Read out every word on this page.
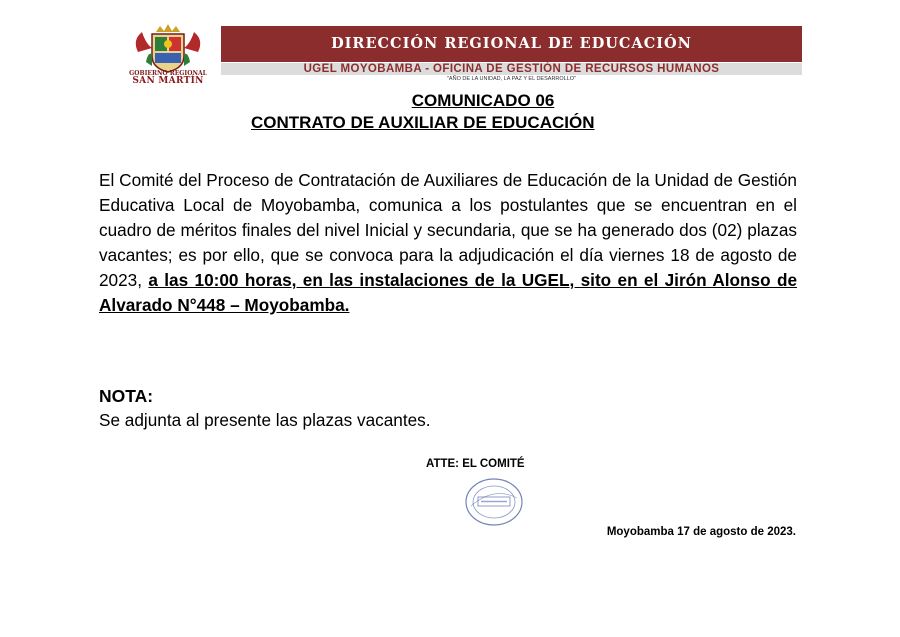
GOBIERNO REGIONAL
SAN MARTÍN
DIRECCIÓN REGIONAL DE EDUCACIÓN
UGEL MOYOBAMBA - OFICINA DE GESTIÓN DE RECURSOS HUMANOS
"AÑO DE LA UNIDAD, LA PAZ Y EL DESARROLLO"
COMUNICADO 06
CONTRATO DE AUXILIAR DE EDUCACIÓN
El Comité del Proceso de Contratación de Auxiliares de Educación de la Unidad de Gestión Educativa Local de Moyobamba, comunica a los postulantes que se encuentran en el cuadro de méritos finales del nivel Inicial y secundaria, que se ha generado dos (02) plazas vacantes; es por ello, que se convoca para la adjudicación el día viernes 18 de agosto de 2023, a las 10:00 horas, en las instalaciones de la UGEL, sito en el Jirón Alonso de Alvarado N°448 – Moyobamba.
NOTA:
Se adjunta al presente las plazas vacantes.
ATTE: EL COMITÉ
Moyobamba 17 de agosto de 2023.
